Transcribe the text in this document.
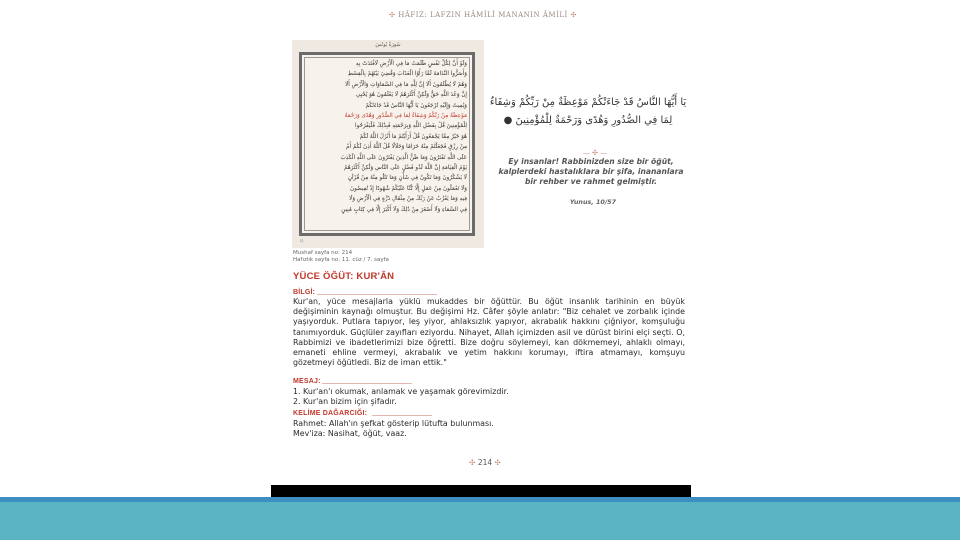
✣ HÂFIZ: LAFZIN HÂMİLİ MANANIN ÂMİLİ ✣
سُورَةُ يُونُسَ
وَلَوْ أَنَّ لِكُلِّ نَفْسٍ ظَلَمَتْ مَا فِي الْأَرْضِ لَافْتَدَتْ بِهِ
وَأَسَرُّوا النَّدَامَةَ لَمَّا رَأَوُا الْعَذَابَ وَقُضِيَ بَيْنَهُمْ بِالْقِسْطِ
وَهُمْ لَا يُظْلَمُونَ أَلَا إِنَّ لِلَّهِ مَا فِي السَّمَاوَاتِ وَالْأَرْضِ أَلَا
إِنَّ وَعْدَ اللَّهِ حَقٌّ وَلَٰكِنَّ أَكْثَرَهُمْ لَا يَعْلَمُونَ هُوَ يُحْيِي
وَيُمِيتُ وَإِلَيْهِ تُرْجَعُونَ يَا أَيُّهَا النَّاسُ قَدْ جَاءَتْكُمْ
مَوْعِظَةٌ مِنْ رَبِّكُمْ وَشِفَاءٌ لِمَا فِي الصُّدُورِ وَهُدًى وَرَحْمَةٌ
لِلْمُؤْمِنِينَ قُلْ بِفَضْلِ اللَّهِ وَبِرَحْمَتِهِ فَبِذَٰلِكَ فَلْيَفْرَحُوا
هُوَ خَيْرٌ مِمَّا يَجْمَعُونَ قُلْ أَرَأَيْتُمْ مَا أَنْزَلَ اللَّهُ لَكُمْ
مِنْ رِزْقٍ فَجَعَلْتُمْ مِنْهُ حَرَامًا وَحَلَالًا قُلْ آللَّهُ أَذِنَ لَكُمْ أَمْ
عَلَى اللَّهِ تَفْتَرُونَ وَمَا ظَنُّ الَّذِينَ يَفْتَرُونَ عَلَى اللَّهِ الْكَذِبَ
يَوْمَ الْقِيَامَةِ إِنَّ اللَّهَ لَذُو فَضْلٍ عَلَى النَّاسِ وَلَٰكِنَّ أَكْثَرَهُمْ
لَا يَشْكُرُونَ وَمَا تَكُونُ فِي شَأْنٍ وَمَا تَتْلُو مِنْهُ مِنْ قُرْآنٍ
وَلَا تَعْمَلُونَ مِنْ عَمَلٍ إِلَّا كُنَّا عَلَيْكُمْ شُهُودًا إِذْ تُفِيضُونَ
فِيهِ وَمَا يَعْزُبُ عَنْ رَبِّكَ مِنْ مِثْقَالِ ذَرَّةٍ فِي الْأَرْضِ وَلَا
فِي السَّمَاءِ وَلَا أَصْغَرَ مِنْ ذَٰلِكَ وَلَا أَكْبَرَ إِلَّا فِي كِتَابٍ مُبِينٍ
۞
Mushaf sayfa no: 214
Hafızlık sayfa no: 11. cüz / 7. sayfa
يَا أَيُّهَا النَّاسُ قَدْ جَاءَتْكُمْ مَوْعِظَةٌ مِنْ رَبِّكُمْ وَشِفَاءٌ لِمَا فِي الصُّدُورِ وَهُدًى وَرَحْمَةٌ لِلْمُؤْمِنِينَ ●
— ✣ —
Ey insanlar! Rabbinizden size bir öğüt, kalplerdeki hastalıklara bir şifa, inananlara bir rehber ve rahmet gelmiştir.
Yunus, 10/57
YÜCE ÖĞÜT: KUR'ÂN
BİLGİ:

Kur'an, yüce mesajlarla yüklü mukaddes bir öğüttür. Bu öğüt insanlık tarihinin en büyük değişiminin kaynağı olmuştur. Bu değişimi Hz. Câfer şöyle anlatır: "Biz cehalet ve zorbalık içinde yaşıyorduk. Putlara tapıyor, leş yiyor, ahlaksızlık yapıyor, akrabalık hakkını çiğniyor, komşuluğu tanımıyorduk. Güçlüler zayıfları eziyordu. Nihayet, Allah içimizden asil ve dürüst birini elçi seçti. O, Rabbimizi ve ibadetlerimizi bize öğretti. Bize doğru söylemeyi, kan dökmemeyi, ahlaklı olmayı, emaneti ehline vermeyi, akrabalık ve yetim hakkını korumayı, iftira atmamayı, komşuyu gözetmeyi öğütledi. Biz de iman ettik."

MESAJ:
1. Kur'an'ı okumak, anlamak ve yaşamak görevimizdir.
2. Kur'an bizim için şifadır.
KELİME DAĞARCIĞI:
Rahmet: Allah'ın şefkat gösterip lütufta bulunması.
Mev'iza: Nasihat, öğüt, vaaz.
✣ 214 ✣
